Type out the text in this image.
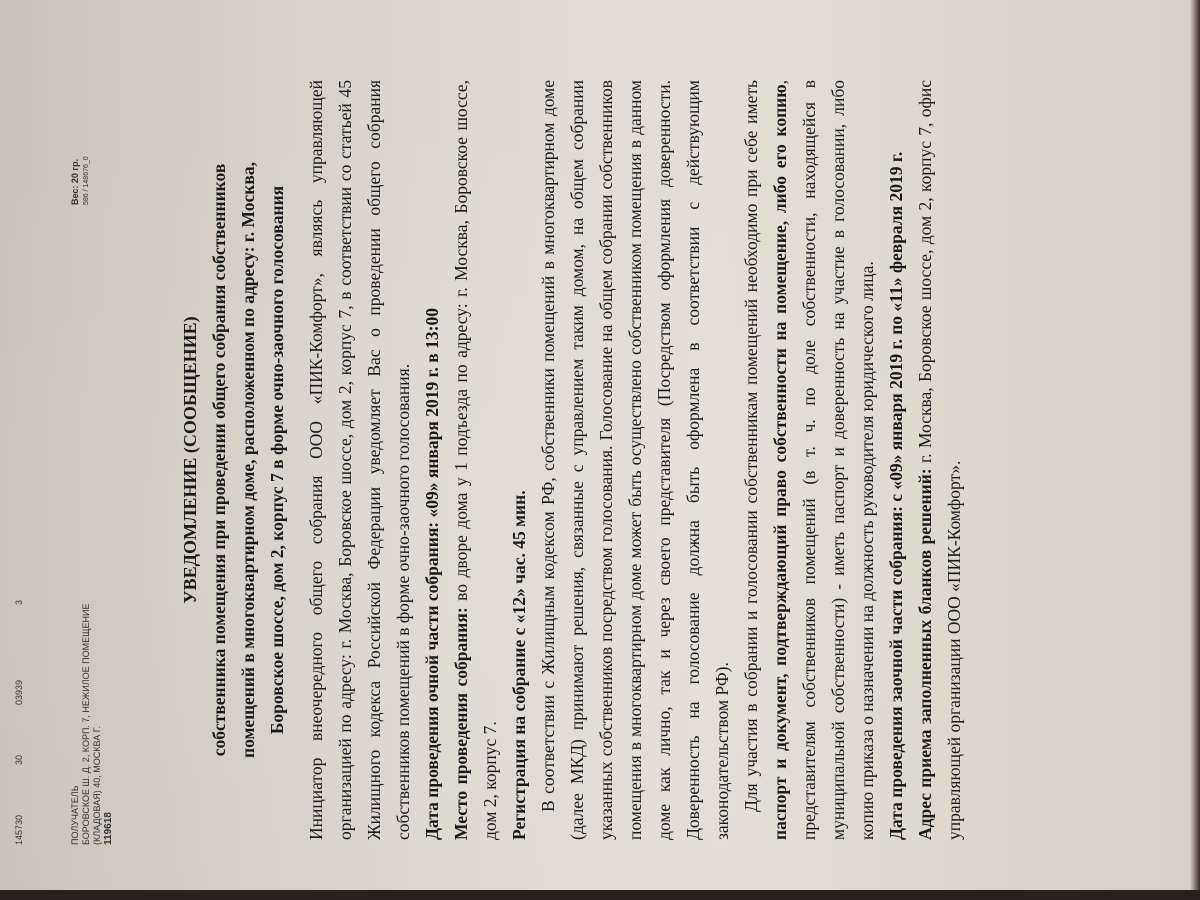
145730
30
03939
3
ПОЛУЧАТЕЛЬ БОРОВСКОЕ Ш. Д. 2, КОРП. 7, НЕЖИЛОЕ ПОМЕЩЕНИЕ (КЛАДОВАЯ) 40, МОСКВА Г. 119618
Вес: 20 гр. 586 / 148676_0

УВЕДОМЛЕНИЕ (СООБЩЕНИЕ) собственника помещения при проведении общего собрания собственников помещений в многоквартирном доме, расположенном по адресу: г. Москва, Боровское шоссе, дом 2, корпус 7 в форме очно-заочного голосования Инициатор внеочередного общего собрания ООО «ПИК-Комфорт», являясь управляющей организацией по адресу: г. Москва, Боровское шоссе, дом 2, корпус 7, в соответствии со статьей 45 Жилищного кодекса Российской Федерации уведомляет Вас о проведении общего собрания собственников помещений в форме очно-заочного голосования. Дата проведения очной части собрания: «09» января 2019 г. в 13:00 Место проведения собрания: во дворе дома у 1 подъезда по адресу: г. Москва, Боровское шоссе, дом 2, корпус 7. Регистрация на собрание с «12» час. 45 мин. В соответствии с Жилищным кодексом РФ, собственники помещений в многоквартирном доме (далее МКД) принимают решения, связанные с управлением таким домом, на общем собрании указанных собственников посредством голосования. Голосование на общем собрании собственников помещения в многоквартирном доме может быть осуществлено собственником помещения в данном доме как лично, так и через своего представителя (Посредством оформления доверенности. Доверенность на голосование должна быть оформлена в соответствии с действующим законодательством РФ). Для участия в собрании и голосовании собственникам помещений необходимо при себе иметь паспорт и документ, подтверждающий право собственности на помещение, либо его копию, представителям собственников помещений (в т. ч. по доле собственности, находящейся в муниципальной собственности) - иметь паспорт и доверенность на участие в голосовании, либо копию приказа о назначении на должность руководителя юридического лица. Дата проведения заочной части собрания: с «09» января 2019 г. по «11» февраля 2019 г. Адрес приема заполненных бланков решений: г. Москва, Боровское шоссе, дом 2, корпус 7, офис управляющей организации ООО «ПИК-Комфорт».
